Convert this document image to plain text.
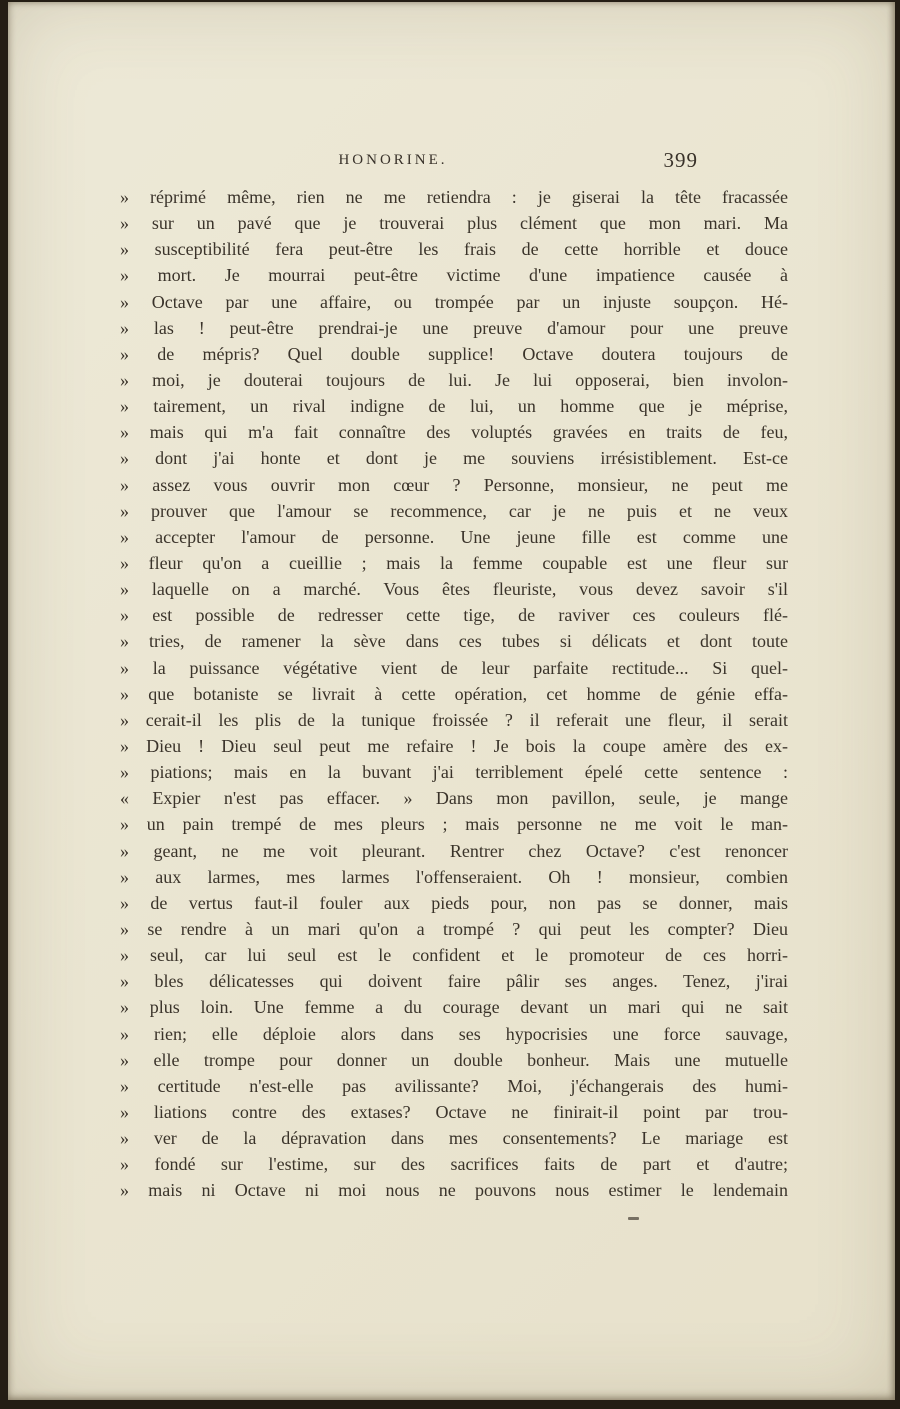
HONORINE.	399
» réprimé même, rien ne me retiendra : je giserai la tête fracassée
» sur un pavé que je trouverai plus clément que mon mari. Ma
» susceptibilité fera peut-être les frais de cette horrible et douce
» mort. Je mourrai peut-être victime d'une impatience causée à
» Octave par une affaire, ou trompée par un injuste soupçon. Hé-
» las ! peut-être prendrai-je une preuve d'amour pour une preuve
» de mépris? Quel double supplice! Octave doutera toujours de
» moi, je douterai toujours de lui. Je lui opposerai, bien involon-
» tairement, un rival indigne de lui, un homme que je méprise,
» mais qui m'a fait connaître des voluptés gravées en traits de feu,
» dont j'ai honte et dont je me souviens irrésistiblement. Est-ce
» assez vous ouvrir mon cœur ? Personne, monsieur, ne peut me
» prouver que l'amour se recommence, car je ne puis et ne veux
» accepter l'amour de personne. Une jeune fille est comme une
» fleur qu'on a cueillie ; mais la femme coupable est une fleur sur
» laquelle on a marché. Vous êtes fleuriste, vous devez savoir s'il
» est possible de redresser cette tige, de raviver ces couleurs flé-
» tries, de ramener la sève dans ces tubes si délicats et dont toute
» la puissance végétative vient de leur parfaite rectitude... Si quel-
» que botaniste se livrait à cette opération, cet homme de génie effa-
» cerait-il les plis de la tunique froissée ? il referait une fleur, il serait
» Dieu ! Dieu seul peut me refaire ! Je bois la coupe amère des ex-
» piations; mais en la buvant j'ai terriblement épelé cette sentence :
« Expier n'est pas effacer. » Dans mon pavillon, seule, je mange
» un pain trempé de mes pleurs ; mais personne ne me voit le man-
» geant, ne me voit pleurant. Rentrer chez Octave? c'est renoncer
» aux larmes, mes larmes l'offenseraient. Oh ! monsieur, combien
» de vertus faut-il fouler aux pieds pour, non pas se donner, mais
» se rendre à un mari qu'on a trompé ? qui peut les compter? Dieu
» seul, car lui seul est le confident et le promoteur de ces horri-
» bles délicatesses qui doivent faire pâlir ses anges. Tenez, j'irai
» plus loin. Une femme a du courage devant un mari qui ne sait
» rien; elle déploie alors dans ses hypocrisies une force sauvage,
» elle trompe pour donner un double bonheur. Mais une mutuelle
» certitude n'est-elle pas avilissante? Moi, j'échangerais des humi-
» liations contre des extases? Octave ne finirait-il point par trou-
» ver de la dépravation dans mes consentements? Le mariage est
» fondé sur l'estime, sur des sacrifices faits de part et d'autre;
» mais ni Octave ni moi nous ne pouvons nous estimer le lendemain
